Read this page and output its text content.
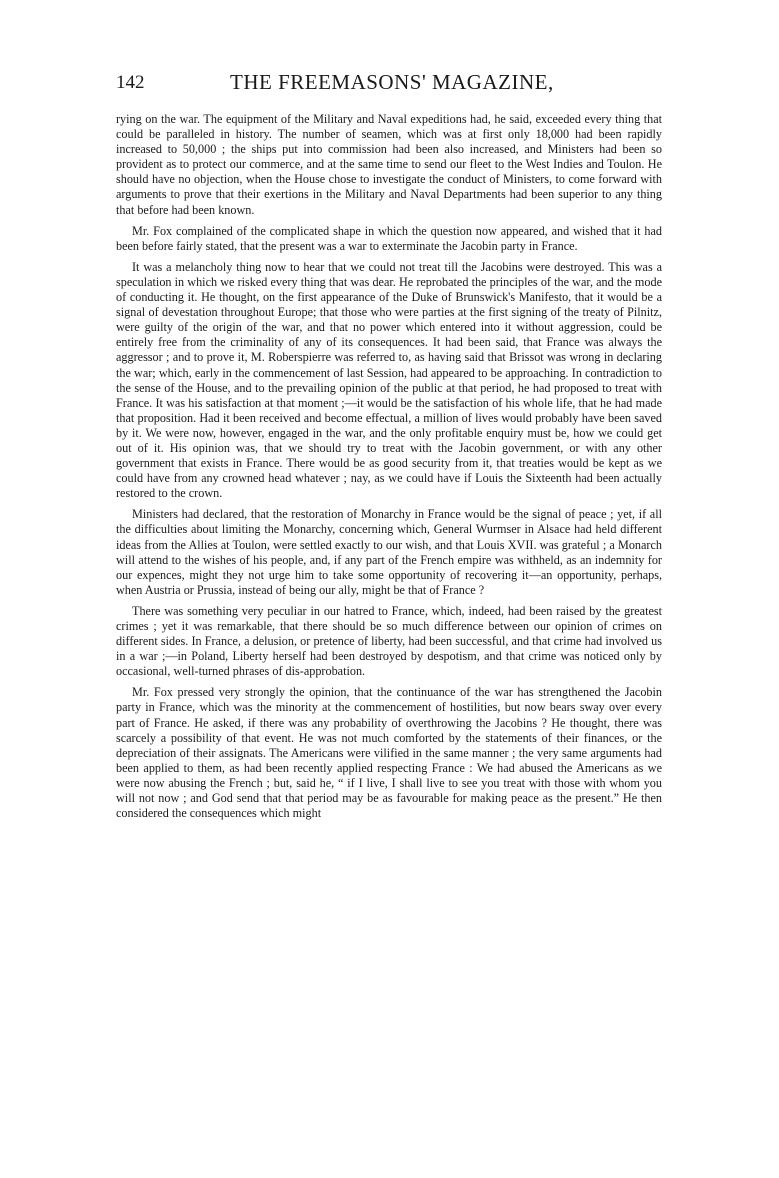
142	THE FREEMASONS' MAGAZINE,

rying on the war. The equipment of the Military and Naval expeditions had, he said, exceeded every thing that could be paralleled in history. The number of seamen, which was at first only 18,000 had been rapidly increased to 50,000 ; the ships put into commission had been also increased, and Ministers had been so provident as to protect our commerce, and at the same time to send our fleet to the West Indies and Toulon. He should have no objection, when the House chose to investigate the conduct of Ministers, to come forward with arguments to prove that their exertions in the Military and Naval Departments had been superior to any thing that before had been known.

Mr. Fox complained of the complicated shape in which the question now appeared, and wished that it had been before fairly stated, that the present was a war to exterminate the Jacobin party in France.

It was a melancholy thing now to hear that we could not treat till the Jacobins were destroyed. This was a speculation in which we risked every thing that was dear. He reprobated the principles of the war, and the mode of conducting it. He thought, on the first appearance of the Duke of Brunswick's Manifesto, that it would be a signal of devestation throughout Europe; that those who were parties at the first signing of the treaty of Pilnitz, were guilty of the origin of the war, and that no power which entered into it without aggression, could be entirely free from the criminality of any of its consequences. It had been said, that France was always the aggressor ; and to prove it, M. Roberspierre was referred to, as having said that Brissot was wrong in declaring the war; which, early in the commencement of last Session, had appeared to be approaching. In contradiction to the sense of the House, and to the prevailing opinion of the public at that period, he had proposed to treat with France. It was his satisfaction at that moment ;—it would be the satisfaction of his whole life, that he had made that proposition. Had it been received and become effectual, a million of lives would probably have been saved by it. We were now, however, engaged in the war, and the only profitable enquiry must be, how we could get out of it. His opinion was, that we should try to treat with the Jacobin government, or with any other government that exists in France. There would be as good security from it, that treaties would be kept as we could have from any crowned head whatever ; nay, as we could have if Louis the Sixteenth had been actually restored to the crown.

Ministers had declared, that the restoration of Monarchy in France would be the signal of peace ; yet, if all the difficulties about limiting the Monarchy, concerning which, General Wurmser in Alsace had held different ideas from the Allies at Toulon, were settled exactly to our wish, and that Louis XVII. was grateful ; a Monarch will attend to the wishes of his people, and, if any part of the French empire was withheld, as an indemnity for our expences, might they not urge him to take some opportunity of recovering it—an opportunity, perhaps, when Austria or Prussia, instead of being our ally, might be that of France ?

There was something very peculiar in our hatred to France, which, indeed, had been raised by the greatest crimes ; yet it was remarkable, that there should be so much difference between our opinion of crimes on different sides. In France, a delusion, or pretence of liberty, had been successful, and that crime had involved us in a war ;—in Poland, Liberty herself had been destroyed by despotism, and that crime was noticed only by occasional, well-turned phrases of dis-approbation.

Mr. Fox pressed very strongly the opinion, that the continuance of the war has strengthened the Jacobin party in France, which was the minority at the commencement of hostilities, but now bears sway over every part of France. He asked, if there was any probability of overthrowing the Jacobins ? He thought, there was scarcely a possibility of that event. He was not much comforted by the statements of their finances, or the depreciation of their assignats. The Americans were vilified in the same manner ; the very same arguments had been applied to them, as had been recently applied respecting France : We had abused the Americans as we were now abusing the French ; but, said he, “ if I live, I shall live to see you treat with those with whom you will not now ; and God send that that period may be as favourable for making peace as the present.” He then considered the consequences which might
